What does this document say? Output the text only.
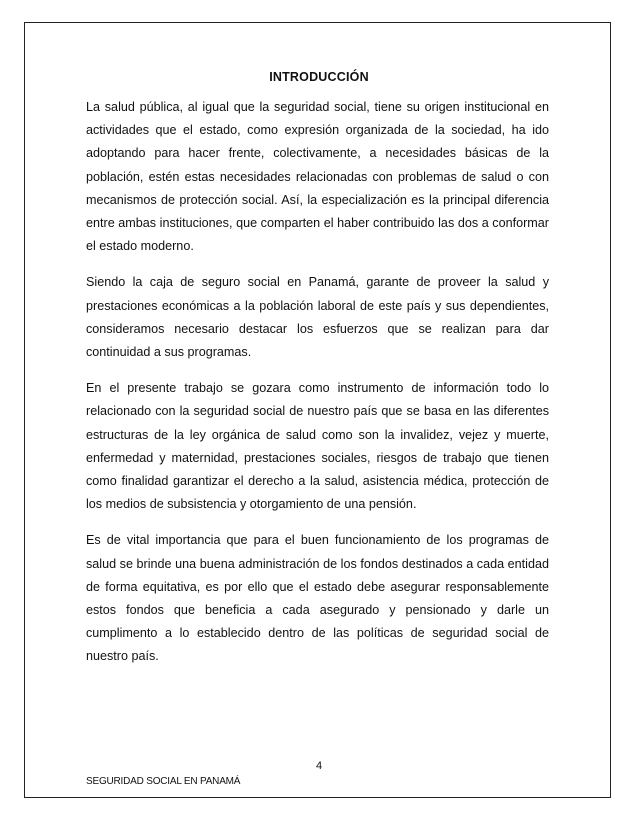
INTRODUCCIÓN

La salud pública, al igual que la seguridad social, tiene su origen institucional en actividades que el estado, como expresión organizada de la sociedad, ha ido adoptando para hacer frente, colectivamente, a necesidades básicas de la población, estén estas necesidades relacionadas con problemas de salud o con mecanismos de protección social. Así, la especialización es la principal diferencia entre ambas instituciones, que comparten el haber contribuido las dos a conformar el estado moderno.

Siendo la caja de seguro social en Panamá, garante de proveer la salud y prestaciones económicas a la población laboral de este país y sus dependientes, consideramos necesario destacar los esfuerzos que se realizan para dar continuidad a sus programas.

En el presente trabajo se gozara como instrumento de información todo lo relacionado con la seguridad social de nuestro país que se basa en las diferentes estructuras de la ley orgánica de salud como son la invalidez, vejez y muerte, enfermedad y maternidad, prestaciones sociales, riesgos de trabajo que tienen como finalidad garantizar el derecho a la salud, asistencia médica, protección de los medios de subsistencia y otorgamiento de una pensión.

Es de vital importancia que para el buen funcionamiento de los programas de salud se brinde una buena administración de los fondos destinados a cada entidad de forma equitativa, es por ello que el estado debe asegurar responsablemente estos fondos que beneficia a cada asegurado y pensionado y darle un cumplimento a lo establecido dentro de las políticas de seguridad social de nuestro país.

4
SEGURIDAD SOCIAL EN PANAMÁ
